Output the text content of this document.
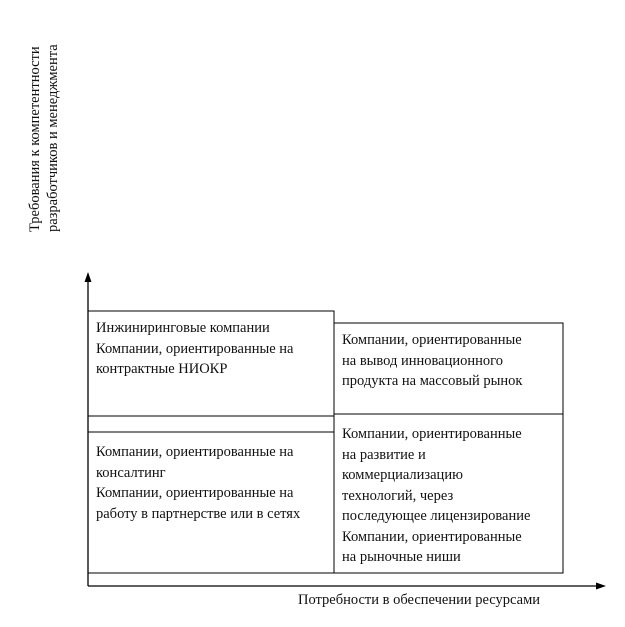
Требования к компетентности разработчиков и менеджмента
Потребности в обеспечении ресурсами
Инжиниринговые компании
Компании, ориентированные на
контрактные НИОКР
Компании, ориентированные на
консалтинг
Компании, ориентированные на
работу в партнерстве или в сетях
Компании, ориентированные
на вывод инновационного
продукта на массовый рынок
Компании, ориентированные
на развитие и
коммерциализацию
технологий, через
последующее лицензирование
Компании, ориентированные
на рыночные ниши
